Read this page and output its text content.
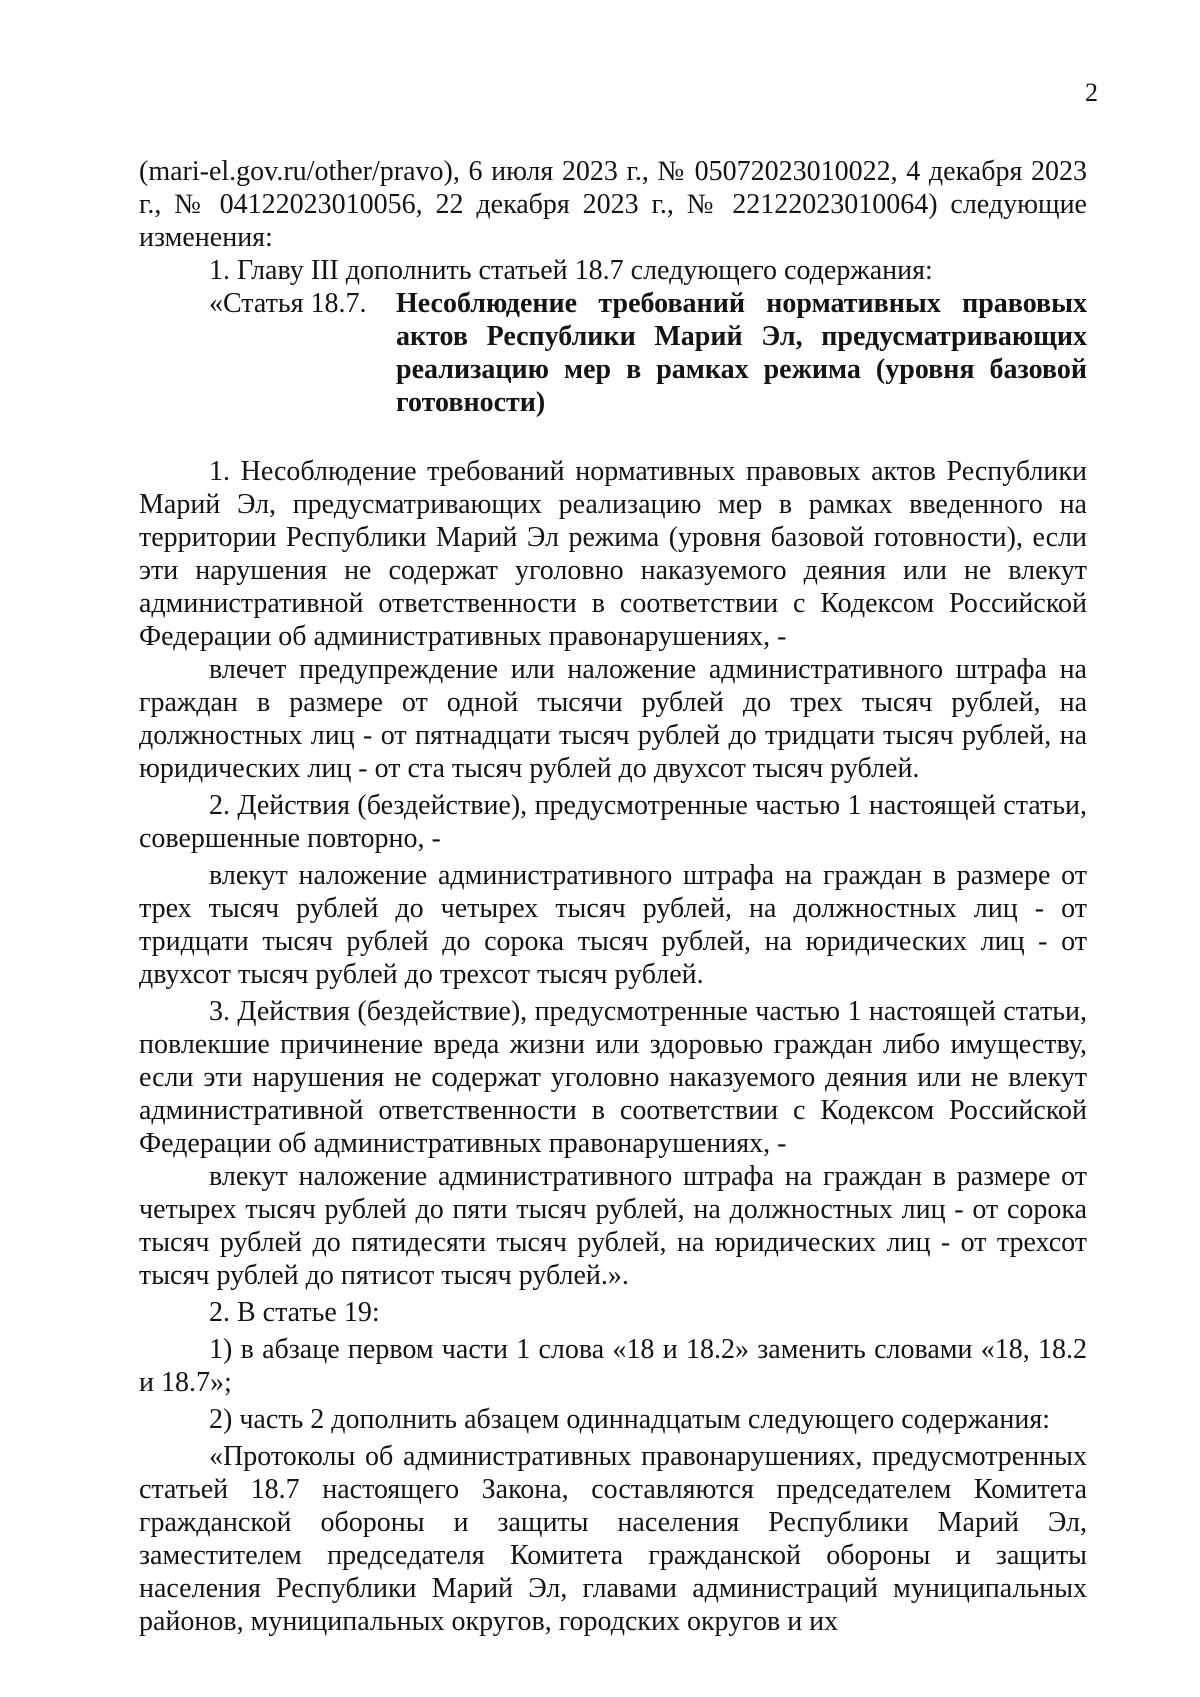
2

(mari-el.gov.ru/other/pravo), 6 июля 2023 г., № 05072023010022, 4 декабря 2023 г., № 04122023010056, 22 декабря 2023 г., № 22122023010064) следующие изменения:

1. Главу III дополнить статьей 18.7 следующего содержания:

«Статья 18.7.	Несоблюдение требований нормативных правовых актов Республики Марий Эл, предусматривающих реализацию мер в рамках режима (уровня базовой готовности)

1. Несоблюдение требований нормативных правовых актов Республики Марий Эл, предусматривающих реализацию мер в рамках введенного на территории Республики Марий Эл режима (уровня базовой готовности), если эти нарушения не содержат уголовно наказуемого деяния или не влекут административной ответственности в соответствии с Кодексом Российской Федерации об административных правонарушениях, -

влечет предупреждение или наложение административного штрафа на граждан в размере от одной тысячи рублей до трех тысяч рублей, на должностных лиц - от пятнадцати тысяч рублей до тридцати тысяч рублей, на юридических лиц - от ста тысяч рублей до двухсот тысяч рублей.

2. Действия (бездействие), предусмотренные частью 1 настоящей статьи, совершенные повторно, -

влекут наложение административного штрафа на граждан в размере от трех тысяч рублей до четырех тысяч рублей, на должностных лиц - от тридцати тысяч рублей до сорока тысяч рублей, на юридических лиц - от двухсот тысяч рублей до трехсот тысяч рублей.

3. Действия (бездействие), предусмотренные частью 1 настоящей статьи, повлекшие причинение вреда жизни или здоровью граждан либо имуществу, если эти нарушения не содержат уголовно наказуемого деяния или не влекут административной ответственности в соответствии с Кодексом Российской Федерации об административных правонарушениях, -

влекут наложение административного штрафа на граждан в размере от четырех тысяч рублей до пяти тысяч рублей, на должностных лиц - от сорока тысяч рублей до пятидесяти тысяч рублей, на юридических лиц - от трехсот тысяч рублей до пятисот тысяч рублей.».

2. В статье 19:

1) в абзаце первом части 1 слова «18 и 18.2» заменить словами «18, 18.2 и 18.7»;

2) часть 2 дополнить абзацем одиннадцатым следующего содержания:

«Протоколы об административных правонарушениях, предусмотренных статьей 18.7 настоящего Закона, составляются председателем Комитета гражданской обороны и защиты населения Республики Марий Эл, заместителем председателя Комитета гражданской обороны и защиты населения Республики Марий Эл, главами администраций муниципальных районов, муниципальных округов, городских округов и их
